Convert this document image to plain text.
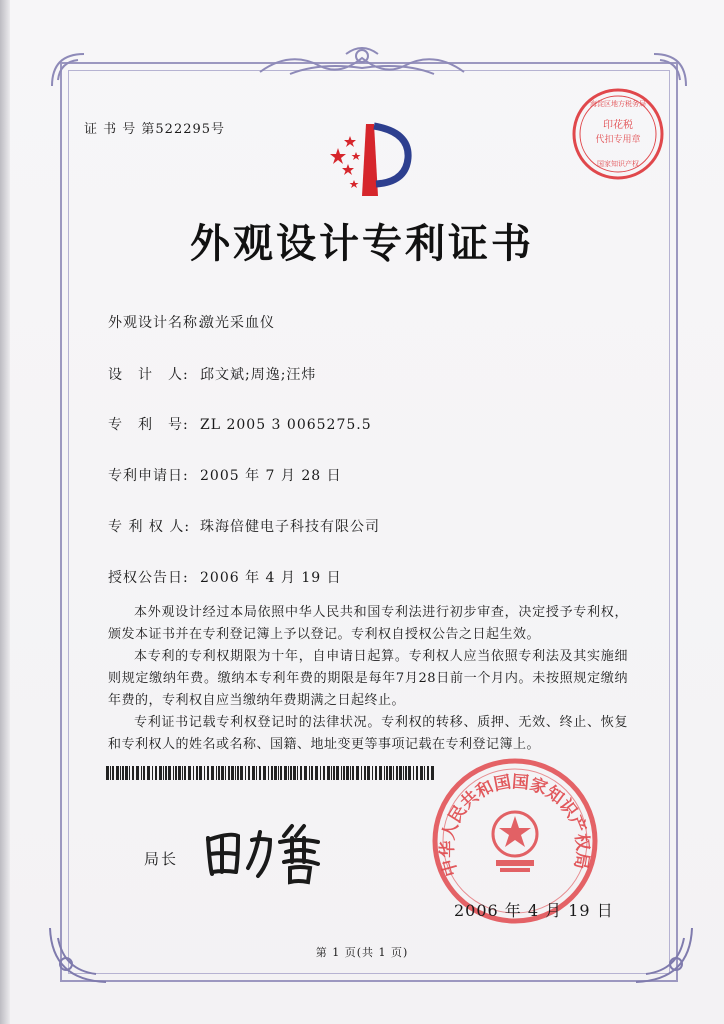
证 书 号 第522295号	印花税
代扣专用章
海淀区地方税务局
国家知识产权
外观设计专利证书
外观设计名称:激光采血仪
设　计　人: 邱文斌;周逸;汪炜
专　利　号: ZL 2005 3 0065275.5
专利申请日: 2005 年 7 月 28 日
专 利 权 人: 珠海倍健电子科技有限公司
授权公告日: 2006 年 4 月 19 日

本外观设计经过本局依照中华人民共和国专利法进行初步审查，决定授予专利权，颁发本证书并在专利登记簿上予以登记。专利权自授权公告之日起生效。

本专利的专利权期限为十年，自申请日起算。专利权人应当依照专利法及其实施细则规定缴纳年费。缴纳本专利年费的期限是每年7月28日前一个月内。未按照规定缴纳年费的，专利权自应当缴纳年费期满之日起终止。

专利证书记载专利权登记时的法律状况。专利权的转移、质押、无效、终止、恢复和专利权人的姓名或名称、国籍、地址变更等事项记载在专利登记簿上。

中华人民共和国国家知识产权局
局长
2006 年 4 月 19 日
第 1 页(共 1 页)
